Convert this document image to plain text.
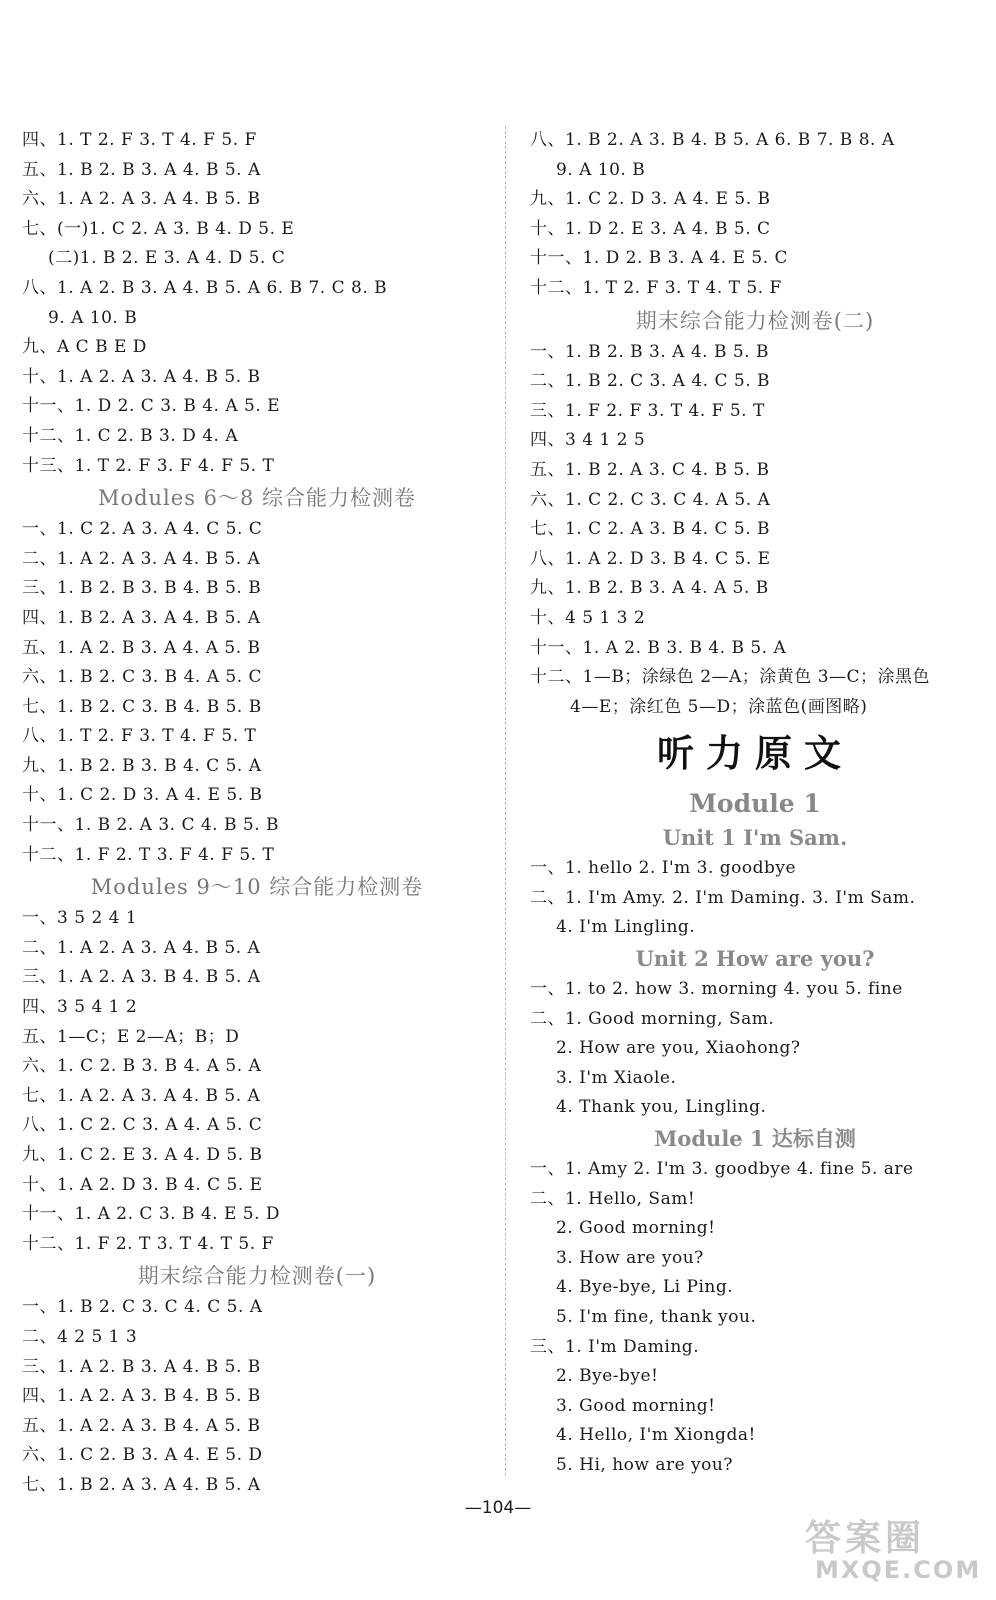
四、1. T 2. F 3. T 4. F 5. F
五、1. B 2. B 3. A 4. B 5. A
六、1. A 2. A 3. A 4. B 5. B
七、(一)1. C 2. A 3. B 4. D 5. E
(二)1. B 2. E 3. A 4. D 5. C
八、1. A 2. B 3. A 4. B 5. A 6. B 7. C 8. B
9. A 10. B
九、A C B E D
十、1. A 2. A 3. A 4. B 5. B
十一、1. D 2. C 3. B 4. A 5. E
十二、1. C 2. B 3. D 4. A
十三、1. T 2. F 3. F 4. F 5. T
Modules 6～8 综合能力检测卷
一、1. C 2. A 3. A 4. C 5. C
二、1. A 2. A 3. A 4. B 5. A
三、1. B 2. B 3. B 4. B 5. B
四、1. B 2. A 3. A 4. B 5. A
五、1. A 2. B 3. A 4. A 5. B
六、1. B 2. C 3. B 4. A 5. C
七、1. B 2. C 3. B 4. B 5. B
八、1. T 2. F 3. T 4. F 5. T
九、1. B 2. B 3. B 4. C 5. A
十、1. C 2. D 3. A 4. E 5. B
十一、1. B 2. A 3. C 4. B 5. B
十二、1. F 2. T 3. F 4. F 5. T
Modules 9～10 综合能力检测卷
一、3 5 2 4 1
二、1. A 2. A 3. A 4. B 5. A
三、1. A 2. A 3. B 4. B 5. A
四、3 5 4 1 2
五、1—C；E 2—A；B；D
六、1. C 2. B 3. B 4. A 5. A
七、1. A 2. A 3. A 4. B 5. A
八、1. C 2. C 3. A 4. A 5. C
九、1. C 2. E 3. A 4. D 5. B
十、1. A 2. D 3. B 4. C 5. E
十一、1. A 2. C 3. B 4. E 5. D
十二、1. F 2. T 3. T 4. T 5. F
期末综合能力检测卷(一)
一、1. B 2. C 3. C 4. C 5. A
二、4 2 5 1 3
三、1. A 2. B 3. A 4. B 5. B
四、1. A 2. A 3. B 4. B 5. B
五、1. A 2. A 3. B 4. A 5. B
六、1. C 2. B 3. A 4. E 5. D
七、1. B 2. A 3. A 4. B 5. A
八、1. B 2. A 3. B 4. B 5. A 6. B 7. B 8. A
9. A 10. B
九、1. C 2. D 3. A 4. E 5. B
十、1. D 2. E 3. A 4. B 5. C
十一、1. D 2. B 3. A 4. E 5. C
十二、1. T 2. F 3. T 4. T 5. F
期末综合能力检测卷(二)
一、1. B 2. B 3. A 4. B 5. B
二、1. B 2. C 3. A 4. C 5. B
三、1. F 2. F 3. T 4. F 5. T
四、3 4 1 2 5
五、1. B 2. A 3. C 4. B 5. B
六、1. C 2. C 3. C 4. A 5. A
七、1. C 2. A 3. B 4. C 5. B
八、1. A 2. D 3. B 4. C 5. E
九、1. B 2. B 3. A 4. A 5. B
十、4 5 1 3 2
十一、1. A 2. B 3. B 4. B 5. A
十二、1—B；涂绿色 2—A；涂黄色 3—C；涂黑色
4—E；涂红色 5—D；涂蓝色(画图略)
听力原文
Module 1
Unit 1 I'm Sam.
一、1. hello 2. I'm 3. goodbye
二、1. I'm Amy. 2. I'm Daming. 3. I'm Sam.
4. I'm Lingling.
Unit 2 How are you?
一、1. to 2. how 3. morning 4. you 5. fine
二、1. Good morning, Sam.
2. How are you, Xiaohong?
3. I'm Xiaole.
4. Thank you, Lingling.
Module 1 达标自测
一、1. Amy 2. I'm 3. goodbye 4. fine 5. are
二、1. Hello, Sam!
2. Good morning!
3. How are you?
4. Bye-bye, Li Ping.
5. I'm fine, thank you.
三、1. I'm Daming.
2. Bye-bye!
3. Good morning!
4. Hello, I'm Xiongda!
5. Hi, how are you?
—104—
答案圈
MXQE.COM
